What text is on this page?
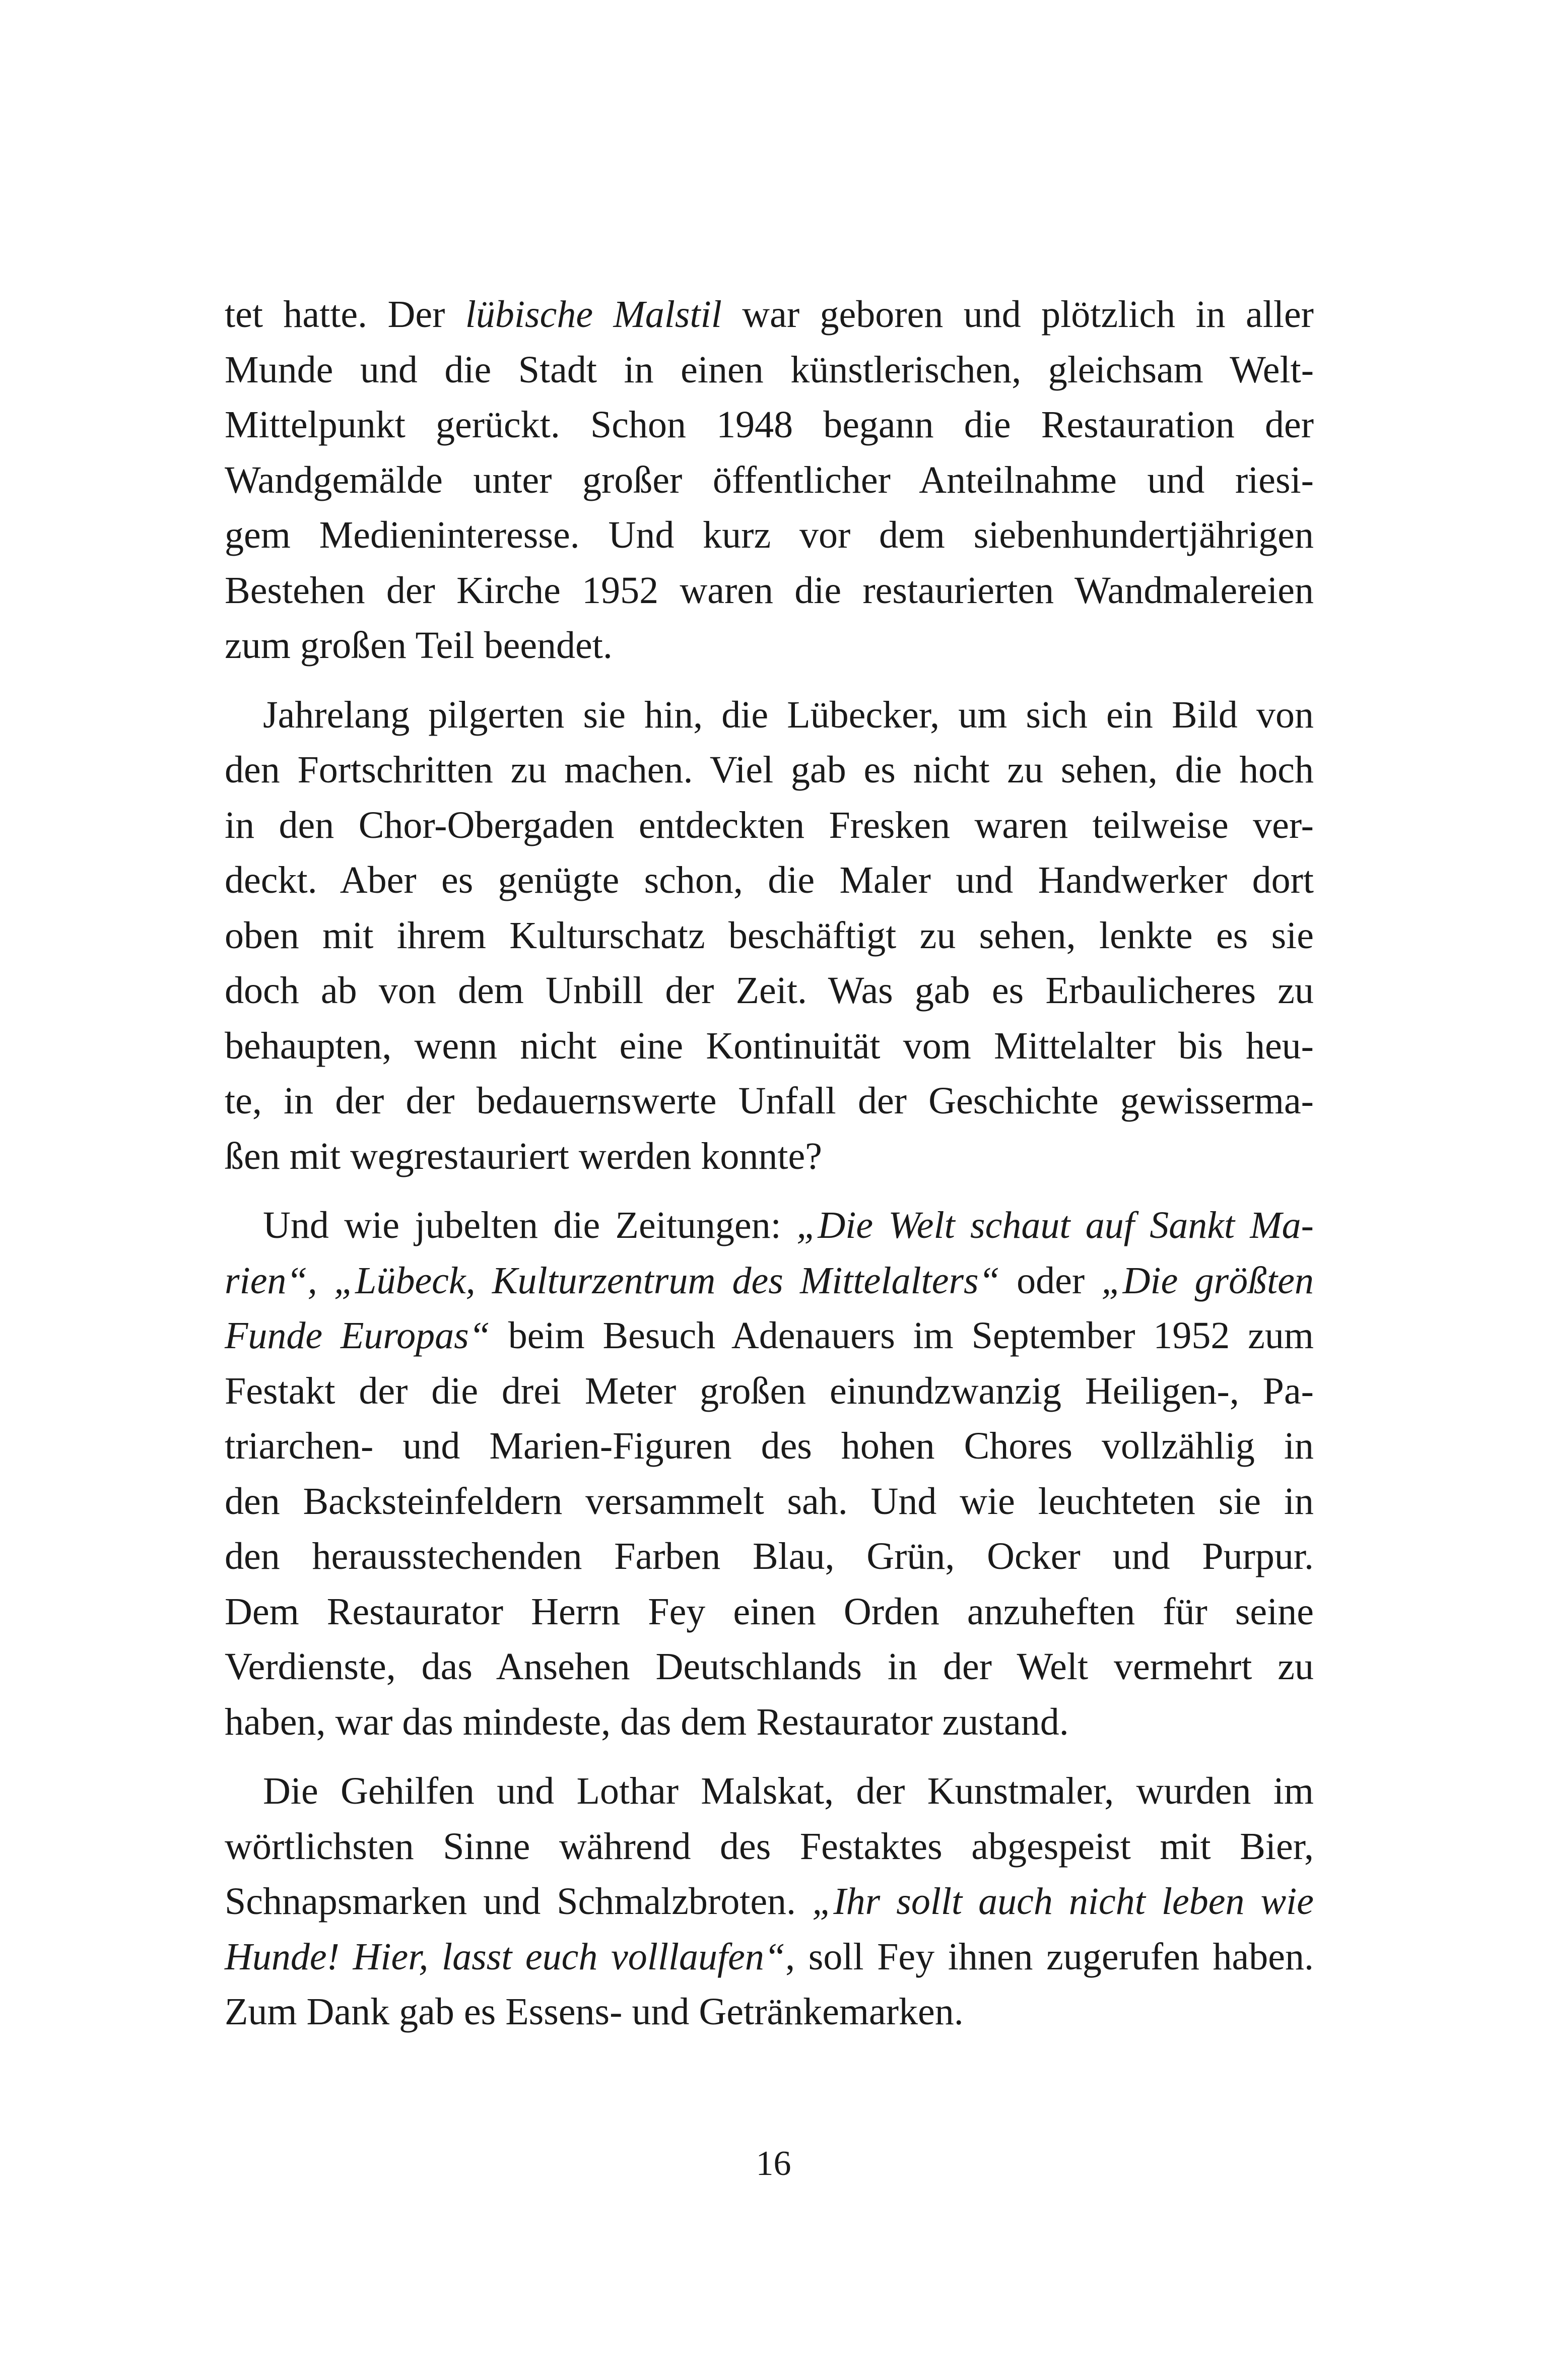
tet hatte. Der lübische Malstil war geboren und plötzlich in aller
Munde und die Stadt in einen künstlerischen, gleichsam Welt-
Mittelpunkt gerückt. Schon 1948 begann die Restauration der
Wandgemälde unter großer öffentlicher Anteilnahme und riesi-
gem Medieninteresse. Und kurz vor dem siebenhundertjährigen
Bestehen der Kirche 1952 waren die restaurierten Wandmalereien
zum großen Teil beendet.
Jahrelang pilgerten sie hin, die Lübecker, um sich ein Bild von
den Fortschritten zu machen. Viel gab es nicht zu sehen, die hoch
in den Chor-Obergaden entdeckten Fresken waren teilweise ver-
deckt. Aber es genügte schon, die Maler und Handwerker dort
oben mit ihrem Kulturschatz beschäftigt zu sehen, lenkte es sie
doch ab von dem Unbill der Zeit. Was gab es Erbaulicheres zu
behaupten, wenn nicht eine Kontinuität vom Mittelalter bis heu-
te, in der der bedauernswerte Unfall der Geschichte gewisserma-
ßen mit wegrestauriert werden konnte?
Und wie jubelten die Zeitungen: „Die Welt schaut auf Sankt Ma-
rien“, „Lübeck, Kulturzentrum des Mittelalters“ oder „Die größten
Funde Europas“ beim Besuch Adenauers im September 1952 zum
Festakt der die drei Meter großen einundzwanzig Heiligen-, Pa-
triarchen- und Marien-Figuren des hohen Chores vollzählig in
den Backsteinfeldern versammelt sah. Und wie leuchteten sie in
den herausstechenden Farben Blau, Grün, Ocker und Purpur.
Dem Restaurator Herrn Fey einen Orden anzuheften für seine
Verdienste, das Ansehen Deutschlands in der Welt vermehrt zu
haben, war das mindeste, das dem Restaurator zustand.
Die Gehilfen und Lothar Malskat, der Kunstmaler, wurden im
wörtlichsten Sinne während des Festaktes abgespeist mit Bier,
Schnapsmarken und Schmalzbroten. „Ihr sollt auch nicht leben wie
Hunde! Hier, lasst euch volllaufen“, soll Fey ihnen zugerufen haben.
Zum Dank gab es Essens- und Getränkemarken.
16
